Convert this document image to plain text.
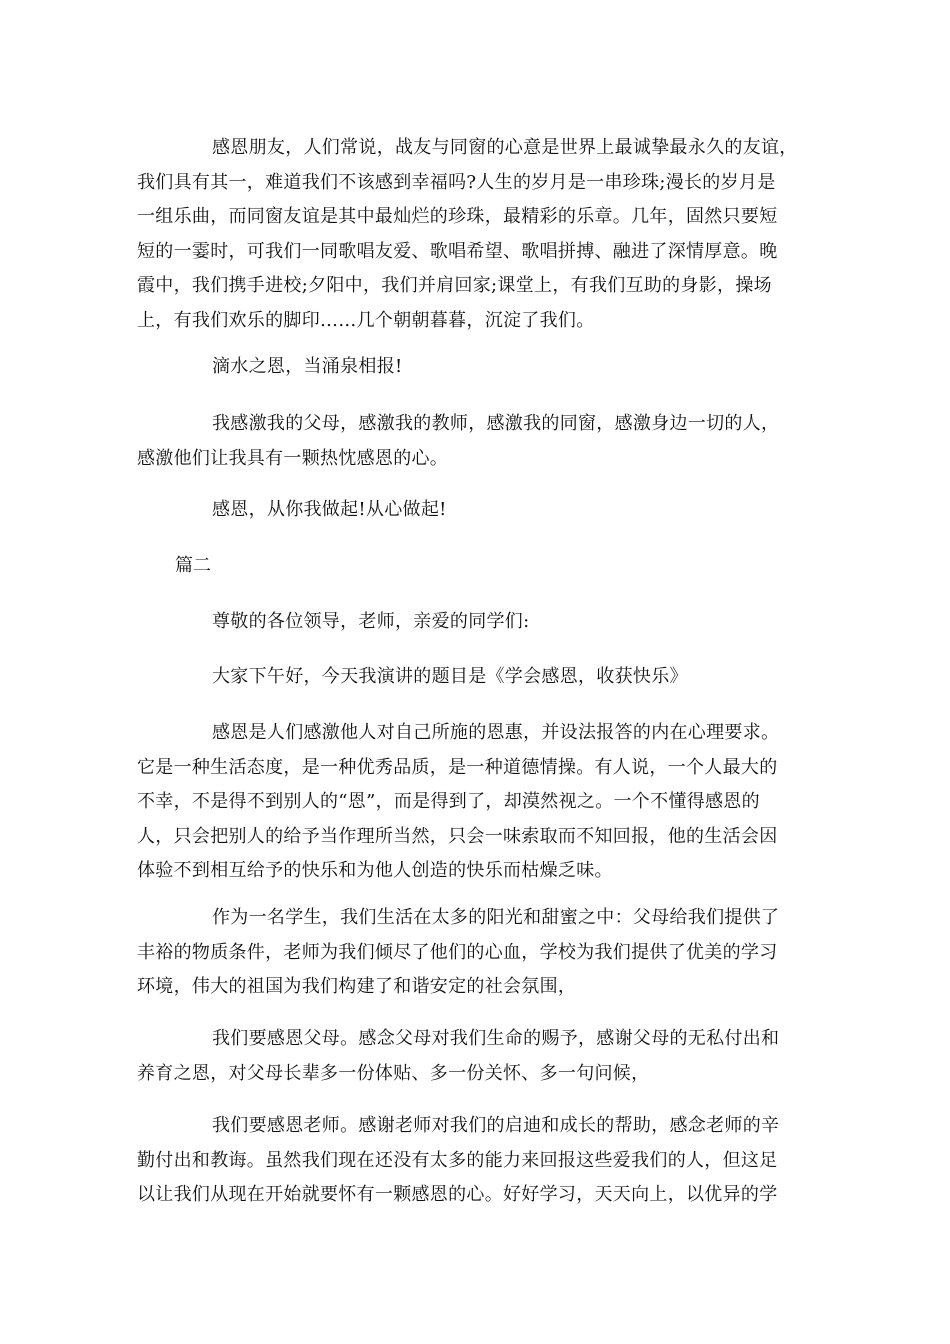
感恩朋友，人们常说，战友与同窗的心意是世界上最诚挚最永久的友谊，
我们具有其一，难道我们不该感到幸福吗?人生的岁月是一串珍珠;漫长的岁月是
一组乐曲，而同窗友谊是其中最灿烂的珍珠，最精彩的乐章。几年，固然只要短
短的一霎时，可我们一同歌唱友爱、歌唱希望、歌唱拼搏、融进了深情厚意。晚
霞中，我们携手进校;夕阳中，我们并肩回家;课堂上，有我们互助的身影，操场
上，有我们欢乐的脚印……几个朝朝暮暮，沉淀了我们。

滴水之恩，当涌泉相报!

我感激我的父母，感激我的教师，感激我的同窗，感激身边一切的人，
感激他们让我具有一颗热忱感恩的心。

感恩，从你我做起!从心做起!

篇二

尊敬的各位领导，老师，亲爱的同学们:

大家下午好，今天我演讲的题目是《学会感恩，收获快乐》

感恩是人们感激他人对自己所施的恩惠，并设法报答的内在心理要求。
它是一种生活态度，是一种优秀品质，是一种道德情操。有人说，一个人最大的
不幸，不是得不到别人的“恩”，而是得到了，却漠然视之。一个不懂得感恩的
人，只会把别人的给予当作理所当然，只会一味索取而不知回报，他的生活会因
体验不到相互给予的快乐和为他人创造的快乐而枯燥乏味。

作为一名学生，我们生活在太多的阳光和甜蜜之中：父母给我们提供了
丰裕的物质条件，老师为我们倾尽了他们的心血，学校为我们提供了优美的学习
环境，伟大的祖国为我们构建了和谐安定的社会氛围，

我们要感恩父母。感念父母对我们生命的赐予，感谢父母的无私付出和
养育之恩，对父母长辈多一份体贴、多一份关怀、多一句问候，

我们要感恩老师。感谢老师对我们的启迪和成长的帮助，感念老师的辛
勤付出和教诲。虽然我们现在还没有太多的能力来回报这些爱我们的人，但这足
以让我们从现在开始就要怀有一颗感恩的心。好好学习，天天向上，以优异的学
